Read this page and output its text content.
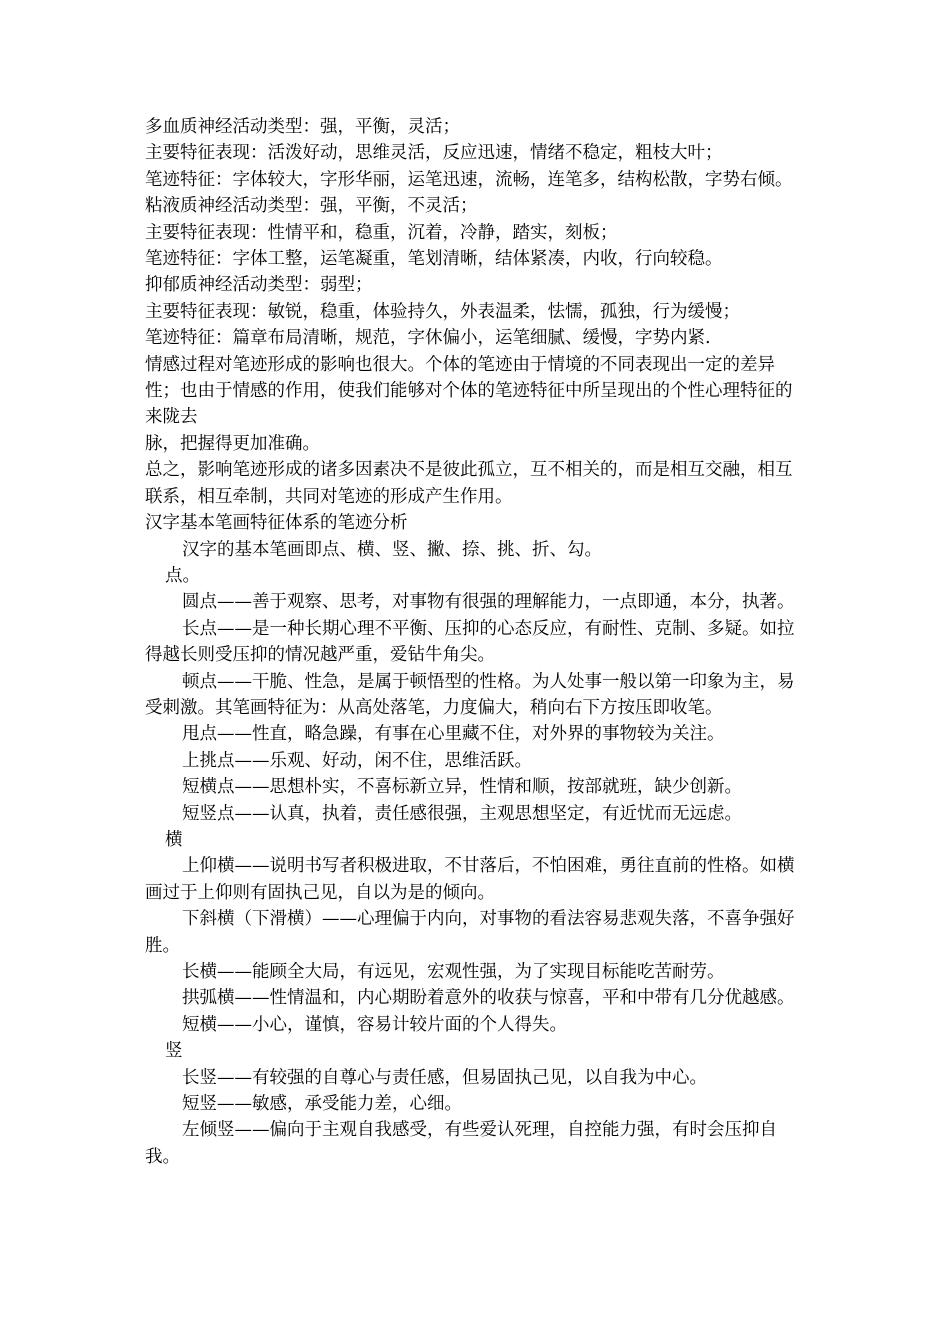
多血质神经活动类型：强，平衡，灵活；

主要特征表现：活泼好动，思维灵活，反应迅速，情绪不稳定，粗枝大叶；

笔迹特征：字体较大，字形华丽，运笔迅速，流畅，连笔多，结构松散，字势右倾。

粘液质神经活动类型：强，平衡，不灵活；

主要特征表现：性情平和，稳重，沉着，冷静，踏实，刻板；

笔迹特征：字体工整，运笔凝重，笔划清晰，结体紧凑，内收，行向较稳。

抑郁质神经活动类型：弱型；

主要特征表现：敏锐，稳重，体验持久，外表温柔，怯懦，孤独，行为缓慢；

笔迹特征：篇章布局清晰，规范，字休偏小，运笔细腻、缓慢，字势内紧.

情感过程对笔迹形成的影响也很大。个体的笔迹由于情境的不同表现出一定的差异性；也由于情感的作用，使我们能够对个体的笔迹特征中所呈现出的个性心理特征的来陇去

脉，把握得更加准确。

总之，影响笔迹形成的诸多因素决不是彼此孤立，互不相关的，而是相互交融，相互联系，相互牵制，共同对笔迹的形成产生作用。

汉字基本笔画特征体系的笔迹分析

汉字的基本笔画即点、横、竖、撇、捺、挑、折、勾。

点。

圆点——善于观察、思考，对事物有很强的理解能力，一点即通，本分，执著。

长点——是一种长期心理不平衡、压抑的心态反应，有耐性、克制、多疑。如拉得越长则受压抑的情况越严重，爱钻牛角尖。

顿点——干脆、性急，是属于顿悟型的性格。为人处事一般以第一印象为主，易受刺激。其笔画特征为：从高处落笔，力度偏大，稍向右下方按压即收笔。

甩点——性直，略急躁，有事在心里藏不住，对外界的事物较为关注。

上挑点——乐观、好动，闲不住，思维活跃。

短横点——思想朴实，不喜标新立异，性情和顺，按部就班，缺少创新。

短竖点——认真，执着，责任感很强，主观思想坚定，有近忧而无远虑。

横

上仰横——说明书写者积极进取，不甘落后，不怕困难，勇往直前的性格。如横画过于上仰则有固执己见，自以为是的倾向。

下斜横（下滑横）——心理偏于内向，对事物的看法容易悲观失落，不喜争强好胜。

长横——能顾全大局，有远见，宏观性强，为了实现目标能吃苦耐劳。

拱弧横——性情温和，内心期盼着意外的收获与惊喜，平和中带有几分优越感。

短横——小心，谨慎，容易计较片面的个人得失。

竖

长竖——有较强的自尊心与责任感，但易固执己见，以自我为中心。

短竖——敏感，承受能力差，心细。

左倾竖——偏向于主观自我感受，有些爱认死理，自控能力强，有时会压抑自我。
